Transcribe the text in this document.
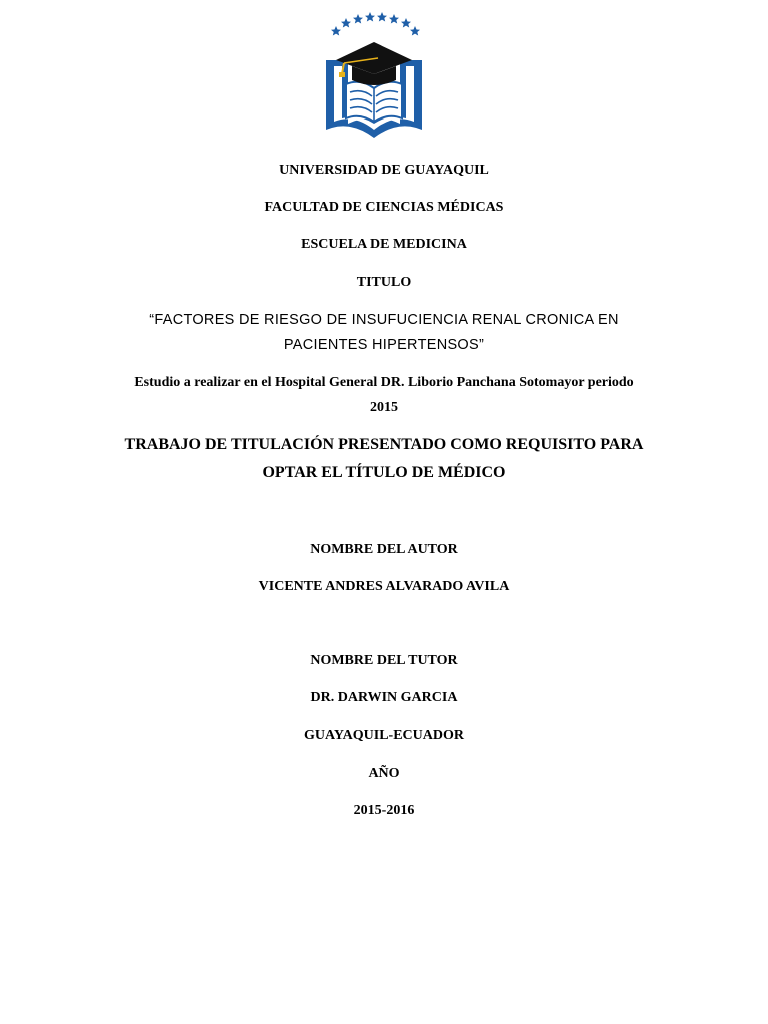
UNIVERSIDAD DE GUAYAQUIL
FACULTAD DE CIENCIAS MÉDICAS
ESCUELA DE MEDICINA
TITULO
“FACTORES DE RIESGO DE INSUFUCIENCIA RENAL CRONICA EN
PACIENTES HIPERTENSOS”
Estudio a realizar en el Hospital General DR. Liborio Panchana Sotomayor periodo
2015
TRABAJO DE TITULACIÓN PRESENTADO COMO REQUISITO PARA
OPTAR EL TÍTULO DE MÉDICO
NOMBRE DEL AUTOR
VICENTE ANDRES ALVARADO AVILA
NOMBRE DEL TUTOR
DR. DARWIN GARCIA
GUAYAQUIL-ECUADOR
AÑO
2015-2016
